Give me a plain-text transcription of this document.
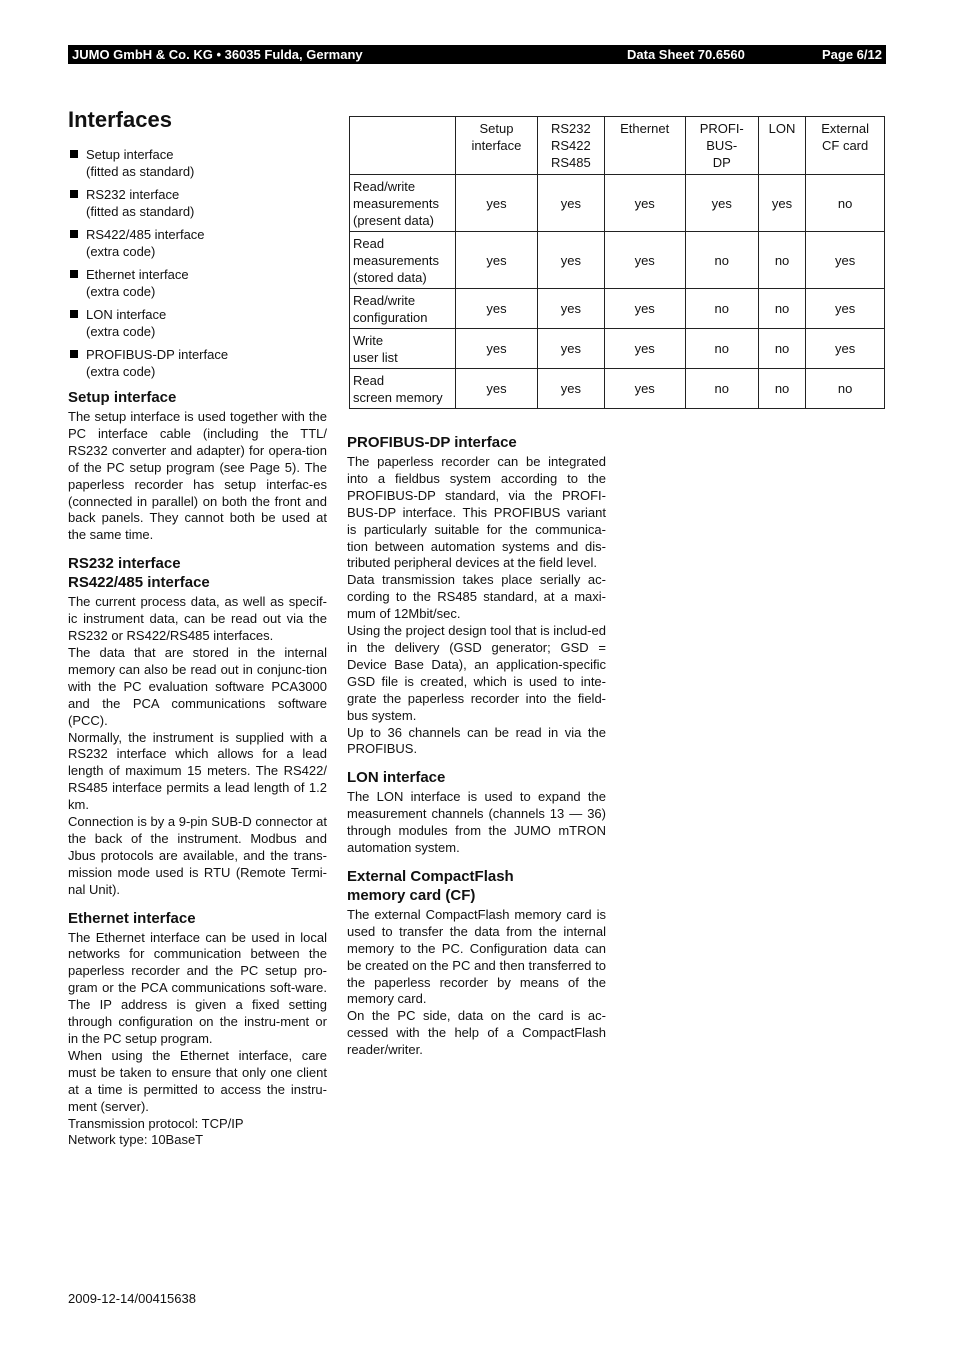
JUMO GmbH & Co. KG • 36035 Fulda, Germany	Data Sheet 70.6560	Page 6/12
Interfaces
Setup interface
(fitted as standard)
RS232 interface
(fitted as standard)
RS422/485 interface
(extra code)
Ethernet interface
(extra code)
LON interface
(extra code)
PROFIBUS-DP interface
(extra code)
Setup interface

The setup interface is used together with the PC interface cable (including the TTL/ RS232 converter and adapter) for opera-tion of the PC setup program (see Page 5). The paperless recorder has setup interfac-es (connected in parallel) on both the front and back panels. They cannot both be used at the same time.

RS232 interface
RS422/485 interface

The current process data, as well as specif-ic instrument data, can be read out via the RS232 or RS422/RS485 interfaces.

The data that are stored in the internal memory can also be read out in conjunc-tion with the PC evaluation software PCA3000 and the PCA communications software (PCC).

Normally, the instrument is supplied with a RS232 interface which allows for a lead length of maximum 15 meters. The RS422/ RS485 interface permits a lead length of 1.2 km.

Connection is by a 9-pin SUB-D connector at the back of the instrument. Modbus and Jbus protocols are available, and the trans-mission mode used is RTU (Remote Termi-nal Unit).

Ethernet interface

The Ethernet interface can be used in local networks for communication between the paperless recorder and the PC setup pro-gram or the PCA communications soft-ware. The IP address is given a fixed setting through configuration on the instru-ment or in the PC setup program.

When using the Ethernet interface, care must be taken to ensure that only one client at a time is permitted to access the instru-ment (server).

Transmission protocol: TCP/IP

Network type: 10BaseT

	Setup
interface	RS232
RS422
RS485	Ethernet	PROFI-
BUS-
DP	LON	External
CF card
Read/write
measurements
(present data)	yes	yes	yes	yes	yes	no
Read
measurements
(stored data)	yes	yes	yes	no	no	yes
Read/write
configuration	yes	yes	yes	no	no	yes
Write
user list	yes	yes	yes	no	no	yes
Read
screen memory	yes	yes	yes	no	no	no
PROFIBUS-DP interface

The paperless recorder can be integrated into a fieldbus system according to the PROFIBUS-DP standard, via the PROFI-BUS-DP interface. This PROFIBUS variant is particularly suitable for the communica-tion between automation systems and dis-tributed peripheral devices at the field level.

Data transmission takes place serially ac-cording to the RS485 standard, at a maxi-mum of 12Mbit/sec.

Using the project design tool that is includ-ed in the delivery (GSD generator; GSD = Device Base Data), an application-specific GSD file is created, which is used to inte-grate the paperless recorder into the field-bus system.

Up to 36 channels can be read in via the PROFIBUS.

LON interface

The LON interface is used to expand the measurement channels (channels 13 — 36) through modules from the JUMO mTRON automation system.

External CompactFlash
memory card (CF)

The external CompactFlash memory card is used to transfer the data from the internal memory to the PC. Configuration data can be created on the PC and then transferred to the paperless recorder by means of the memory card.

On the PC side, data on the card is ac-cessed with the help of a CompactFlash reader/writer.

2009-12-14/00415638
